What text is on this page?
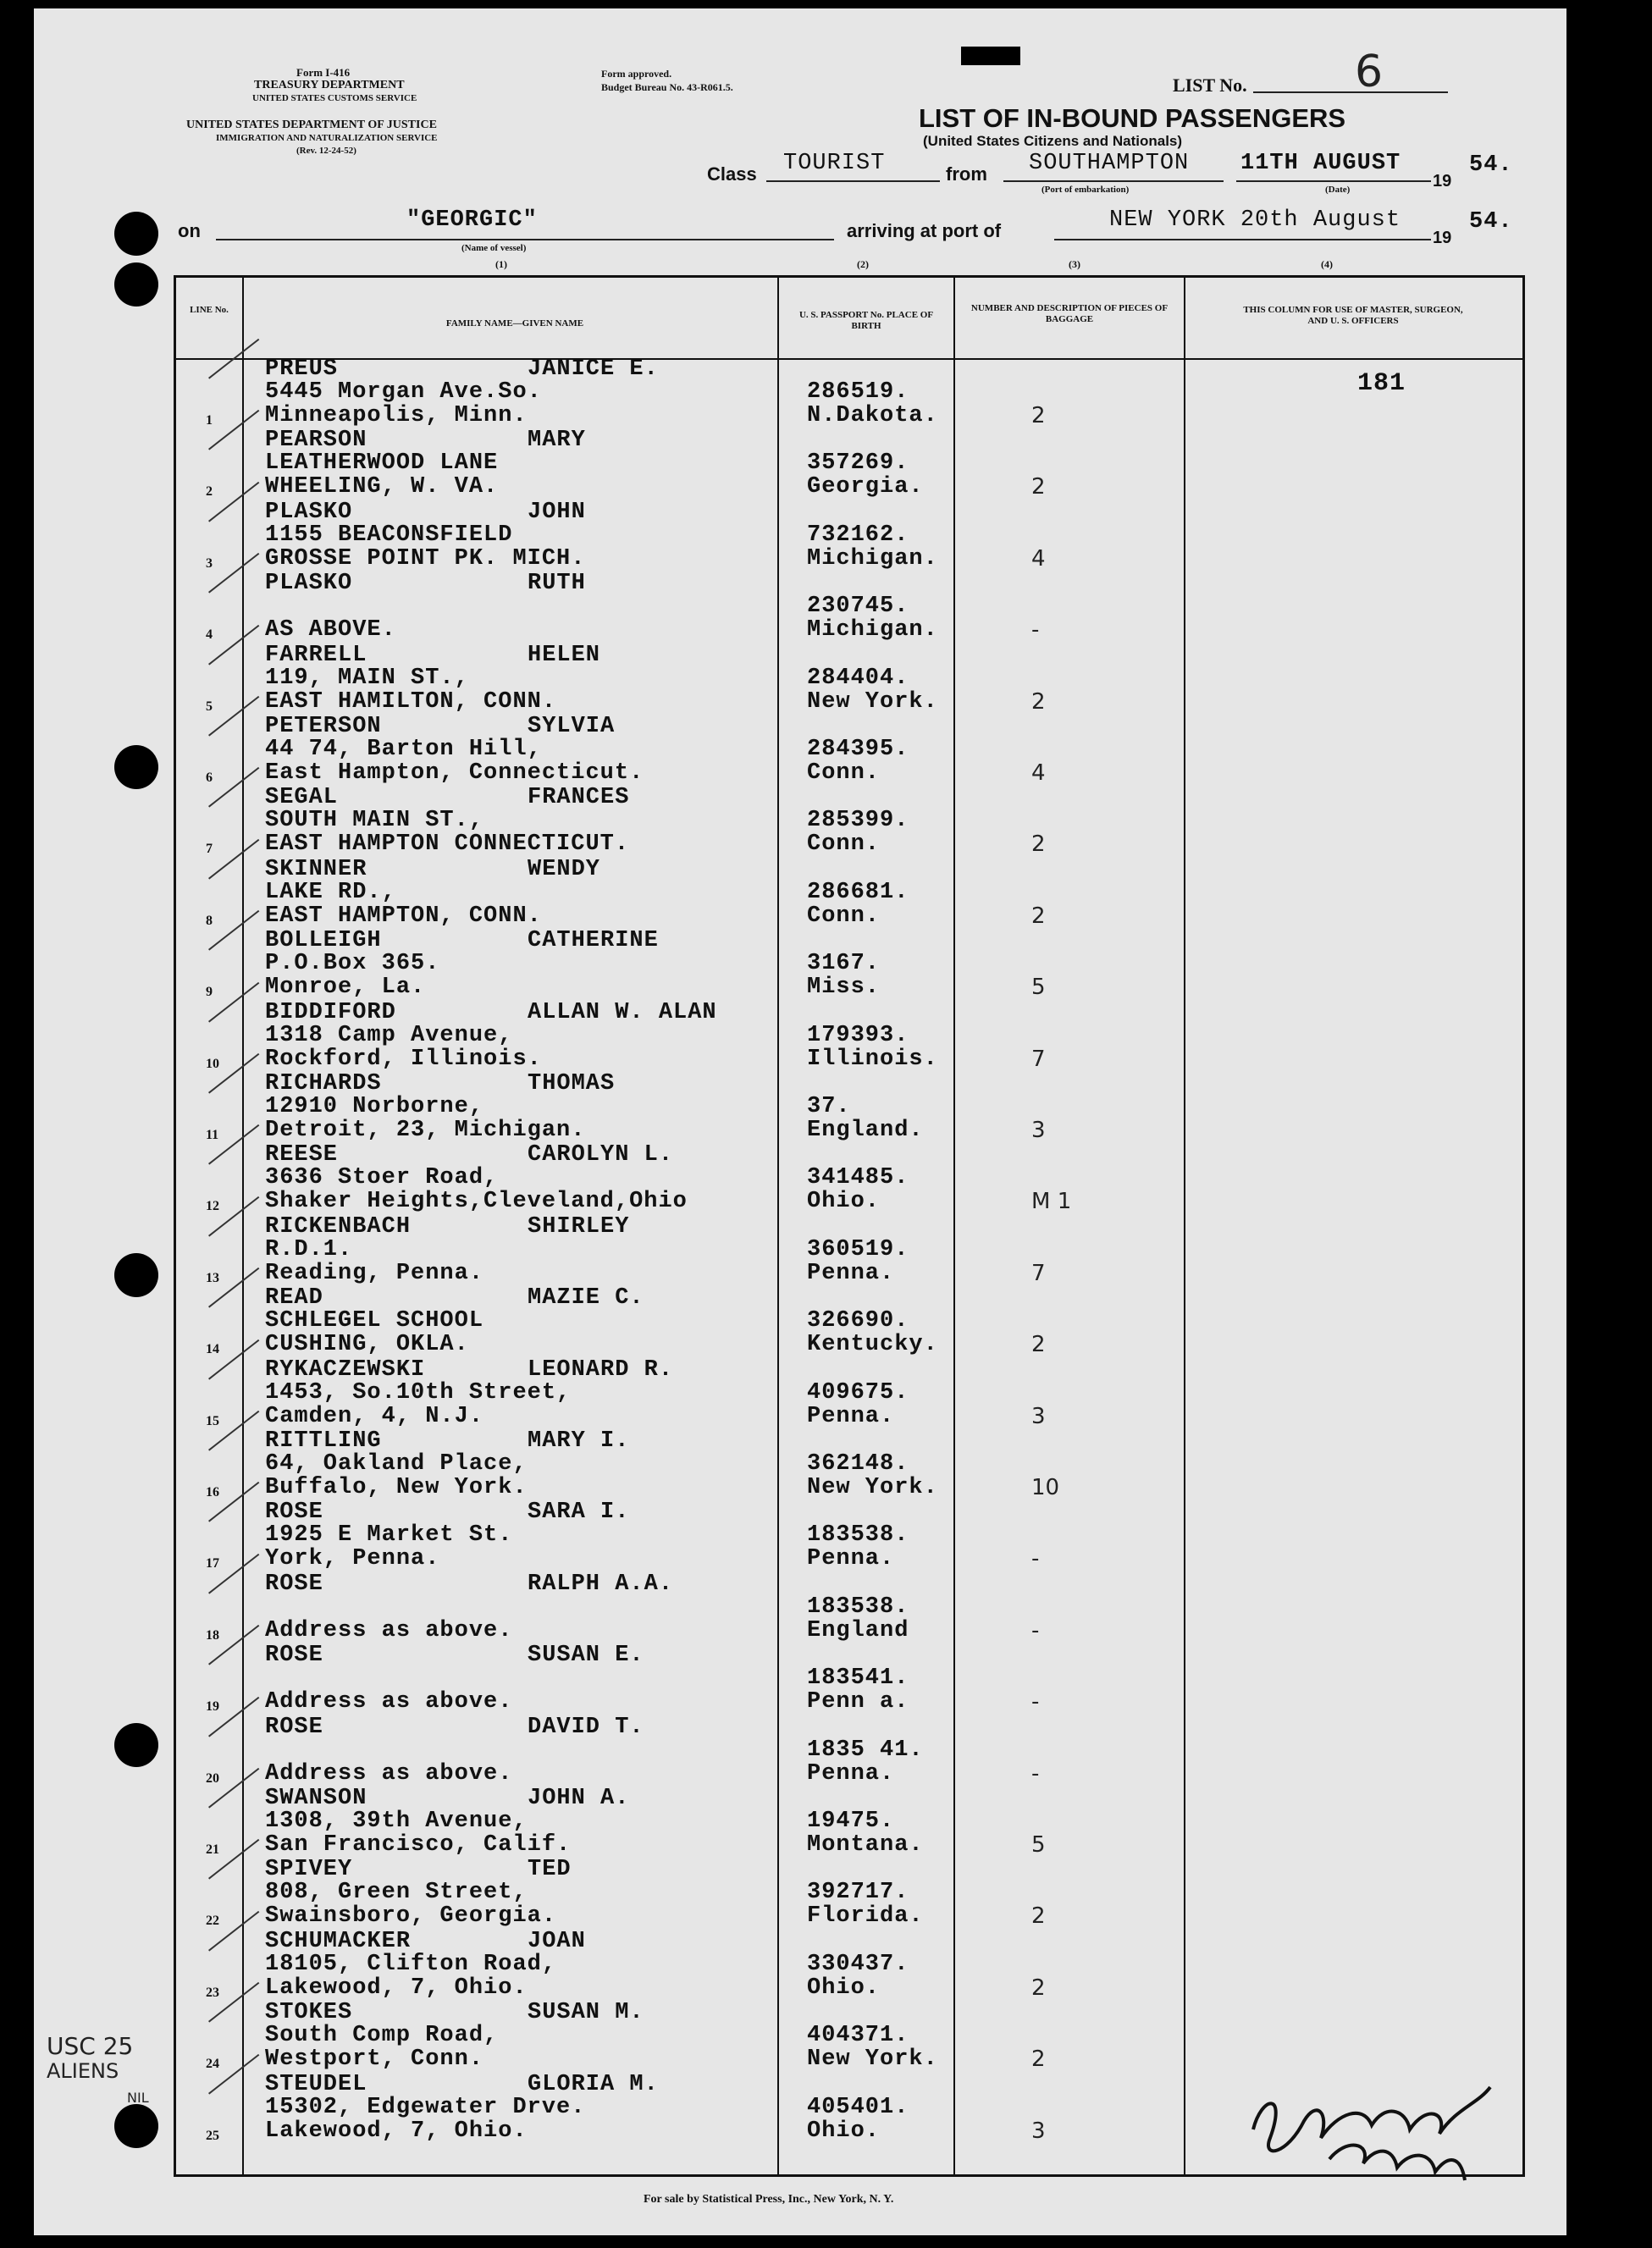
Form I-416
TREASURY DEPARTMENT
UNITED STATES CUSTOMS SERVICE
UNITED STATES DEPARTMENT OF JUSTICE
IMMIGRATION AND NATURALIZATION SERVICE
(Rev. 12-24-52)
Form approved.
Budget Bureau No. 43-R061.5.	LIST No. 6
LIST OF IN-BOUND PASSENGERS
(United States Citizens and Nationals)
Class TOURIST	from SOUTHAMPTON
(Port of embarkation)
11TH AUGUST
(Date)	19
54.
on	"GEORGIC"
(Name of vessel)
arriving at port of	NEW YORK 20th August
19
54.
(1)	(2)	(3)	(4)
LINE No.
FAMILY NAME—GIVEN NAME
U. S. PASSPORT No. PLACE OF BIRTH
NUMBER AND DESCRIPTION OF PIECES OF BAGGAGE
THIS COLUMN FOR USE OF MASTER, SURGEON, AND U. S. OFFICERS
1
PREUS	JANICE E.
5445 Morgan Ave.So.
Minneapolis, Minn.
286519.
N.Dakota.	2
2
PEARSON	MARY
LEATHERWOOD LANE
WHEELING, W. VA.
357269.
Georgia.	2
3
PLASKO	JOHN
1155 BEACONSFIELD
GROSSE POINT PK. MICH.
732162.
Michigan.	4
4
PLASKO	RUTH
AS ABOVE.
230745.
Michigan.	-
5
FARRELL	HELEN
119, MAIN ST.,
EAST HAMILTON, CONN.
284404.
New York.	2
6
PETERSON	SYLVIA
44 74, Barton Hill,
East Hampton, Connecticut.
284395.
Conn.	4
7
SEGAL	FRANCES
SOUTH MAIN ST.,
EAST HAMPTON CONNECTICUT.
285399.
Conn.	2
8
SKINNER	WENDY
LAKE RD.,
EAST HAMPTON, CONN.
286681.
Conn.	2
9
BOLLEIGH	CATHERINE
P.O.Box 365.
Monroe, La.
3167.
Miss.	5
10
BIDDIFORD	ALLAN W. ALAN
1318 Camp Avenue,
Rockford, Illinois.
179393.
Illinois.	7
11
RICHARDS	THOMAS
12910 Norborne,
Detroit, 23, Michigan.
37.
England.	3
12
REESE	CAROLYN L.
3636 Stoer Road,
Shaker Heights,Cleveland,Ohio
341485.
Ohio.	M 1
13
RICKENBACH	SHIRLEY
R.D.1.
Reading, Penna.
360519.
Penna.	7
14
READ	MAZIE C.
SCHLEGEL SCHOOL
CUSHING, OKLA.
326690.
Kentucky.	2
15
RYKACZEWSKI	LEONARD R.
1453, So.10th Street,
Camden, 4, N.J.
409675.
Penna.	3
16
RITTLING	MARY I.
64, Oakland Place,
Buffalo, New York.
362148.
New York.	10
17
ROSE	SARA I.
1925 E Market St.
York, Penna.
183538.
Penna.	-
18
ROSE	RALPH A.A.
Address as above.
183538.
England	-
19
ROSE	SUSAN E.
Address as above.
183541.
Penn a.	-
20
ROSE	DAVID T.
Address as above.
1835 41.
Penna.	-
21
SWANSON	JOHN A.
1308, 39th Avenue,
San Francisco, Calif.
19475.
Montana.	5
22
SPIVEY	TED
808, Green Street,
Swainsboro, Georgia.
392717.
Florida.	2
23
SCHUMACKER	JOAN
18105, Clifton Road,
Lakewood, 7, Ohio.
330437.
Ohio.	2
24
STOKES	SUSAN M.
South Comp Road,
Westport, Conn.
404371.
New York.	2
25
STEUDEL	GLORIA M.
15302, Edgewater Drve.
Lakewood, 7, Ohio.
405401.
Ohio.	3
181
USC 25
ALIENS
NIL
For sale by Statistical Press, Inc., New York, N. Y.
